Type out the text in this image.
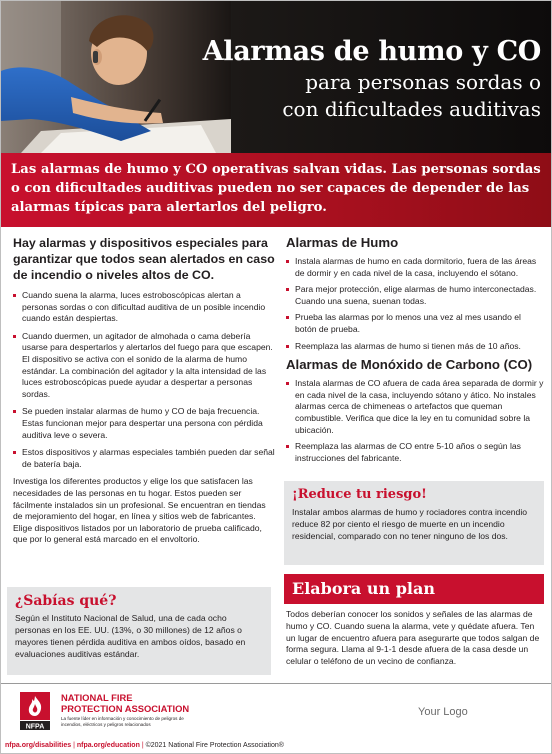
Alarmas de humo y CO
para personas sordas o
con dificultades auditivas

Las alarmas de humo y CO operativas salvan vidas. Las personas sordas o con dificultades auditivas pueden no ser capaces de depender de las alarmas típicas para alertarlos del peligro.

Hay alarmas y dispositivos especiales para garantizar que todos sean alertados en caso de incendio o niveles altos de CO.

Cuando suena la alarma, luces estroboscópicas alertan a personas sordas o con dificultad auditiva de un posible incendio cuando están despiertas.
Cuando duermen, un agitador de almohada o cama debería usarse para despertarlos y alertarlos del fuego para que escapen. El dispositivo se activa con el sonido de la alarma de humo estándar. La combinación del agitador y la alta intensidad de las luces estroboscópicas puede ayudar a despertar a personas sordas.
Se pueden instalar alarmas de humo y CO de baja frecuencia. Estas funcionan mejor para despertar una persona con pérdida auditiva leve o severa.
Estos dispositivos y alarmas especiales también pueden dar señal de batería baja.

Investiga los diferentes productos y elige los que satisfacen las necesidades de las personas en tu hogar. Estos pueden ser fácilmente instalados sin un profesional. Se encuentran en tiendas de mejoramiento del hogar, en línea y sitios web de fabricantes. Elige dispositivos listados por un laboratorio de prueba calificado, que por lo general está marcado en el envoltorio.

¿Sabías qué?

Según el Instituto Nacional de Salud, una de cada ocho personas en los EE. UU. (13%, o 30 millones) de 12 años o mayores tienen pérdida auditiva en ambos oídos, basado en evaluaciones auditivas estándar.

Alarmas de Humo
Instala alarmas de humo en cada dormitorio, fuera de las áreas de dormir y en cada nivel de la casa, incluyendo el sótano.
Para mejor protección, elige alarmas de humo interconectadas. Cuando una suena, suenan todas.
Prueba las alarmas por lo menos una vez al mes usando el botón de prueba.
Reemplaza las alarmas de humo si tienen más de 10 años.
Alarmas de Monóxido de Carbono (CO)
Instala alarmas de CO afuera de cada área separada de dormir y en cada nivel de la casa, incluyendo sótano y ático. No instales alarmas cerca de chimeneas o artefactos que queman combustible. Verifica que dice la ley en tu comunidad sobre la ubicación.
Reemplaza las alarmas de CO entre 5-10 años o según las instrucciones del fabricante.
¡Reduce tu riesgo!

Instalar ambos alarmas de humo y rociadores contra incendio reduce 82 por ciento el riesgo de muerte en un incendio residencial, comparado con no tener ninguno de los dos.

Elabora un plan

Todos deberían conocer los sonidos y señales de las alarmas de humo y CO. Cuando suena la alarma, vete y quédate afuera. Ten un lugar de encuentro afuera para asegurarte que todos salgan de forma segura. Llama al 9-1-1 desde afuera de la casa desde un celular o teléfono de un vecino de confianza.

NFPA
NATIONAL FIRE
PROTECTION ASSOCIATION
La fuente líder en información y conocimiento de peligros de incendios, eléctricos y peligros relacionados
Your Logo
nfpa.org/disabilities | nfpa.org/education | ©2021 National Fire Protection Association®
